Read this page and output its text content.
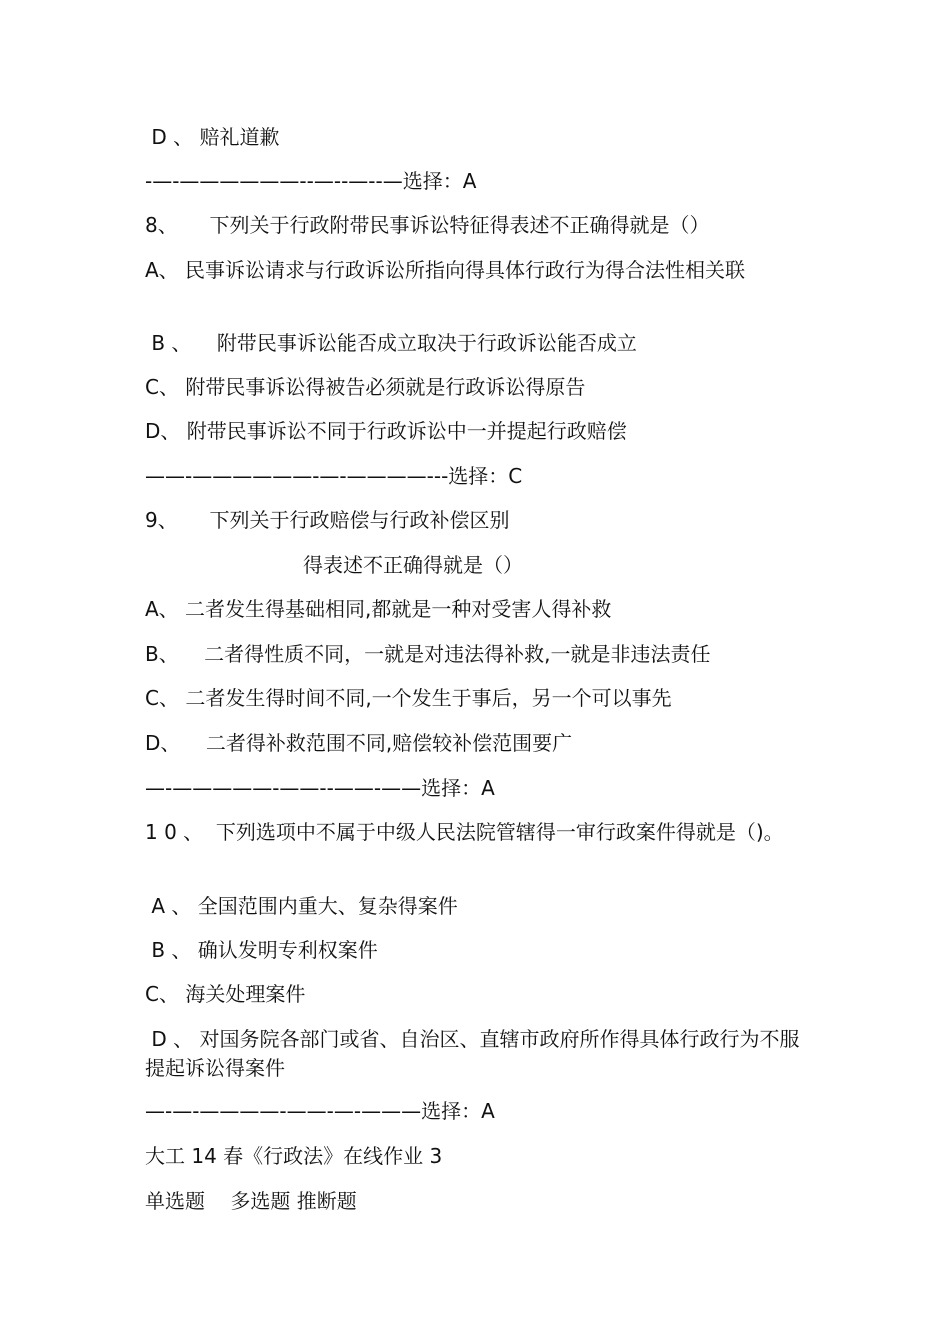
D 、 赔礼道歉
-—-——————--—--—--—选择：A
8、     下列关于行政附带民事诉讼特征得表述不正确得就是（）
A、 民事诉讼请求与行政诉讼所指向得具体行政行为得合法性相关联
B 、    附带民事诉讼能否成立取决于行政诉讼能否成立
C、 附带民事诉讼得被告必须就是行政诉讼得原告
D、 附带民事诉讼不同于行政诉讼中一并提起行政赔偿
——-——————-—-————---选择：C
9、     下列关于行政赔偿与行政补偿区别
得表述不正确得就是（）
A、 二者发生得基础相同,都就是一种对受害人得补救
B、    二者得性质不同，一就是对违法得补救,一就是非违法责任
C、 二者发生得时间不同,一个发生于事后，另一个可以事先
D、    二者得补救范围不同,赔偿较补偿范围要广
—-—————-——--——-——选择：A
1 0 、  下列选项中不属于中级人民法院管辖得一审行政案件得就是（)。
A 、 全国范围内重大、复杂得案件
B 、 确认发明专利权案件
C、 海关处理案件
D 、 对国务院各部门或省、自治区、直辖市政府所作得具体行政行为不服提起诉讼得案件
—-—-————-——-—-———选择：A
大工 14 春《行政法》在线作业 3
单选题    多选题 推断题
